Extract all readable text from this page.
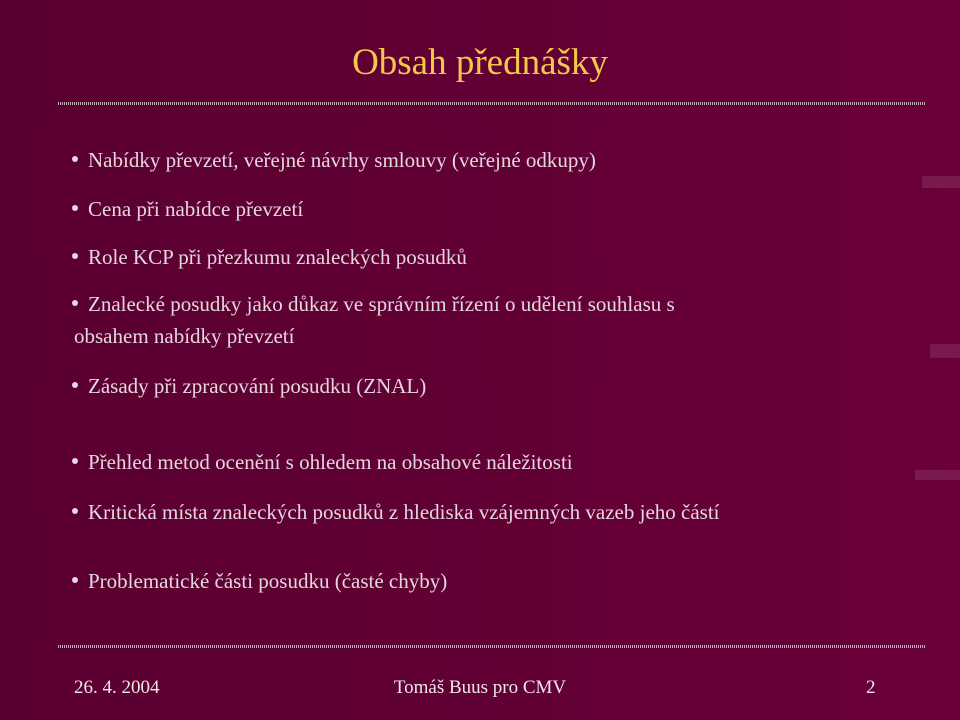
Obsah přednášky
Nabídky převzetí, veřejné návrhy smlouvy (veřejné odkupy)
Cena při nabídce převzetí
Role KCP při přezkumu znaleckých posudků
Znalecké posudky jako důkaz ve správním řízení o udělení souhlasu s
obsahem nabídky převzetí
Zásady při zpracování posudku (ZNAL)
Přehled metod ocenění s ohledem na obsahové náležitosti
Kritická místa znaleckých posudků z hlediska vzájemných vazeb jeho částí
Problematické části posudku (časté chyby)
Tomáš Buus pro CMV
26. 4. 2004	2
